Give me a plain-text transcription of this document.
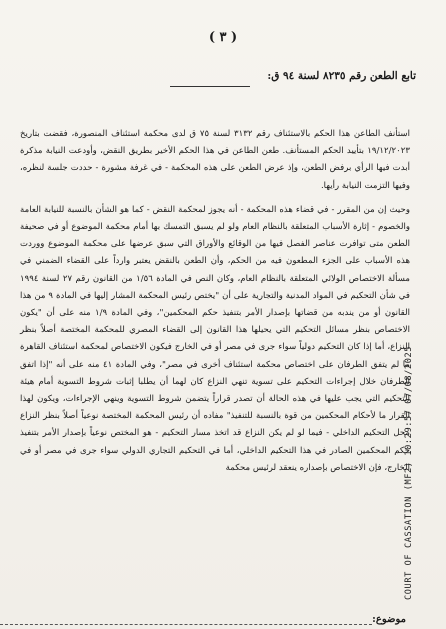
( ٣ )
تابع الطعن رقم ٨٢٣٥ لسنة ٩٤ ق:

استأنف الطاعن هذا الحكم بالاستئناف رقم ٣١٣٢ لسنة ٧٥ ق لدى محكمة استئناف المنصورة، فقضت بتاريخ ١٩/١٢/٢٠٢٣ بتأييد الحكم المستأنف. طعن الطاعن في هذا الحكم الأخير بطريق النقض، وأودعت النيابة مذكرة أبدت فيها الرأي برفض الطعن، وإذ عرض الطعن على هذه المحكمة - في غرفة مشورة - حددت جلسة لنظره، وفيها التزمت النيابة رأيها.

وحيث إن من المقرر - في قضاء هذه المحكمة - أنه يجوز لمحكمة النقض - كما هو الشأن بالنسبة للنيابة العامة والخصوم - إثارة الأسباب المتعلقة بالنظام العام ولو لم يسبق التمسك بها أمام محكمة الموضوع أو في صحيفة الطعن متى توافرت عناصر الفصل فيها من الوقائع والأوراق التي سبق عرضها على محكمة الموضوع ووردت هذه الأسباب على الجزء المطعون فيه من الحكم، وأن الطعن بالنقض يعتبر وارداً على القضاء الضمني في مسألة الاختصاص الولائي المتعلقة بالنظام العام، وكان النص في المادة ١/٥٦ من القانون رقم ٢٧ لسنة ١٩٩٤ في شأن التحكيم في المواد المدنية والتجارية على أن "يختص رئيس المحكمة المشار إليها في المادة ٩ من هذا القانون أو من يندبه من قضاتها بإصدار الأمر بتنفيذ حكم المحكمين"، وفي المادة ١/٩ منه على أن "يكون الاختصاص بنظر مسائل التحكيم التي يحيلها هذا القانون إلى القضاء المصري للمحكمة المختصة أصلاً بنظر النزاع، أما إذا كان التحكيم دولياً سواء جرى في مصر أو في الخارج فيكون الاختصاص لمحكمة استئناف القاهرة ما لم يتفق الطرفان على اختصاص محكمة استئناف أخرى في مصر"، وفي المادة ٤١ منه على أنه "إذا اتفق الطرفان خلال إجراءات التحكيم على تسوية تنهي النزاع كان لهما أن يطلبا إثبات شروط التسوية أمام هيئة التحكيم التي يجب عليها في هذه الحالة أن تصدر قراراً يتضمن شروط التسوية وينهي الإجراءات، ويكون لهذا القرار ما لأحكام المحكمين من قوة بالنسبة للتنفيذ" مفاده أن رئيس المحكمة المختصة نوعياً أصلاً بنظر النزاع محل التحكيم الداخلي - فيما لو لم يكن النزاع قد اتخذ مسار التحكيم - هو المختص نوعياً بإصدار الأمر بتنفيذ حكم المحكمين الصادر في هذا التحكيم الداخلي، أما في التحكيم التجاري الدولي سواء جرى في مصر أو في الخارج، فإن الاختصاص بإصداره ينعقد لرئيس محكمة

COURT OF CASSATION (MF2) 10:29:57 07/08/2025
موضوع:
